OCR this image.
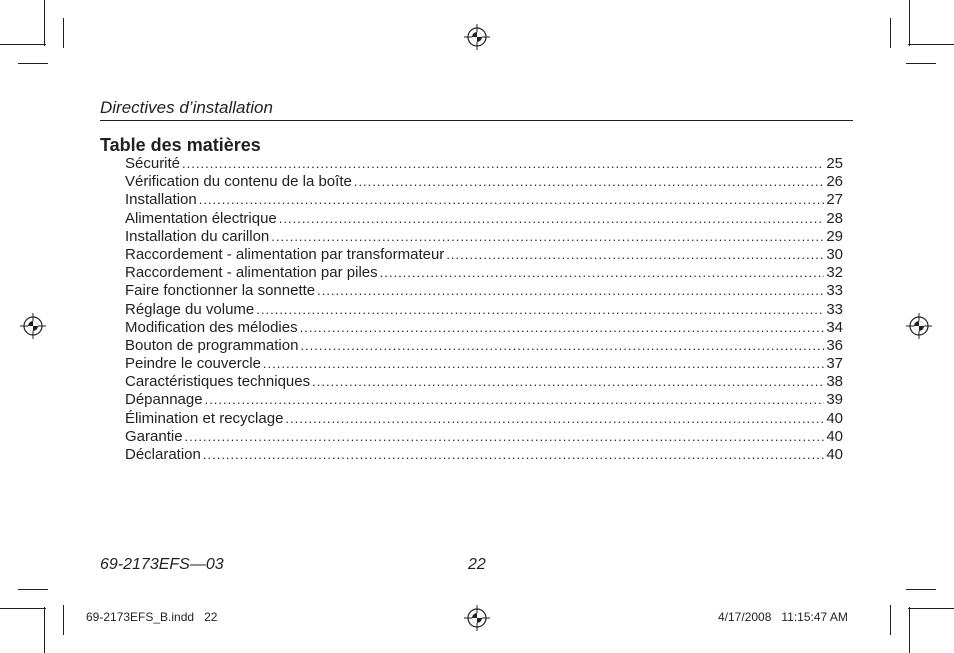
Directives d’installation
Table des matières
Sécurité .....	25
Vérification du contenu de la boîte .....	26
Installation .....	27
Alimentation électrique .....	28
Installation du carillon .....	29
Raccordement - alimentation par transformateur .....	30
Raccordement - alimentation par piles .....	32
Faire fonctionner la sonnette .....	33
Réglage du volume .....	33
Modification des mélodies .....	34
Bouton de programmation .....	36
Peindre le couvercle .....	37
Caractéristiques techniques .....	38
Dépannage .....	39
Élimination et recyclage .....	40
Garantie .....	40
Déclaration .....	40
69-2173EFS—03	22
69-2173EFS_B.indd   22	4/17/2008   11:15:47 AM
